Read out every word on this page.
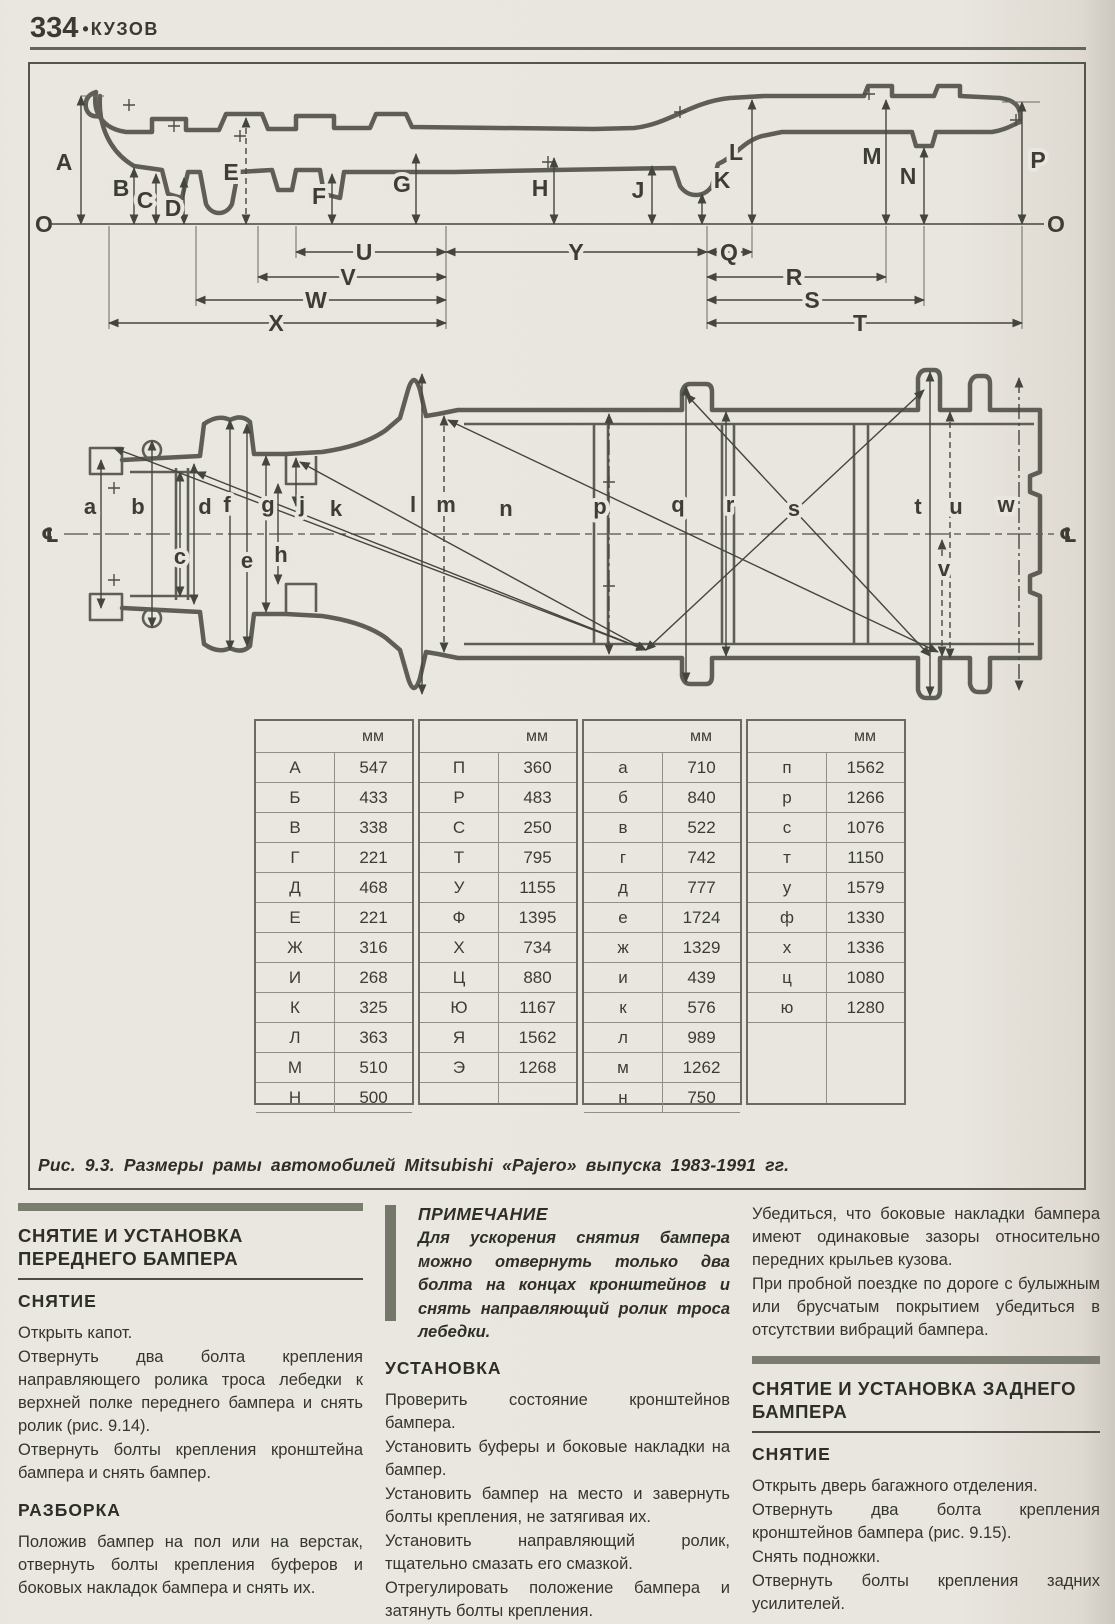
334 • КУЗОВ
O	O
A
B C D
E
F	G	H	J	K
L	M
N
P
U	Y	Q
V	R
W	S
X	T
℄	℄
a b
c
d
e
f g
h
j k	l m n	p	q r s	t u
v
w
мм
А	547
Б	433
В	338
Г	221
Д	468
Е	221
Ж	316
И	268
К	325
Л	363
М	510
Н	500
мм
П	360
Р	483
С	250
Т	795
У	1155
Ф	1395
Х	734
Ц	880
Ю	1167
Я	1562
Э	1268
мм
а	710
б	840
в	522
г	742
д	777
е	1724
ж	1329
и	439
к	576
л	989
м	1262
н	750
мм
п	1562
р	1266
с	1076
т	1150
у	1579
ф	1330
х	1336
ц	1080
ю	1280
Рис. 9.3. Размеры рамы автомобилей Mitsubishi «Pajero» выпуска 1983-1991 гг.
СНЯТИЕ И УСТАНОВКА ПЕРЕДНЕГО БАМПЕРА
СНЯТИЕ

Открыть капот.

Отвернуть два болта крепления направляющего ролика троса лебедки к верхней полке переднего бампера и снять ролик (рис. 9.14).

Отвернуть болты крепления кронштейна бампера и снять бампер.

РАЗБОРКА

Положив бампер на пол или на верстак, отвернуть болты крепления буферов и боковых накладок бампера и снять их.

ПРИМЕЧАНИЕ

Для ускорения снятия бампера можно отвернуть только два болта на концах кронштейнов и снять направляющий ролик троса лебедки.

УСТАНОВКА

Проверить состояние кронштейнов бампера.

Установить буферы и боковые накладки на бампер.

Установить бампер на место и завернуть болты крепления, не затягивая их.

Установить направляющий ролик, тщательно смазать его смазкой.

Отрегулировать положение бампера и затянуть болты крепления.

Убедиться, что боковые накладки бампера имеют одинаковые зазоры относительно передних крыльев кузова.

При пробной поездке по дороге с булыжным или брусчатым покрытием убедиться в отсутствии вибраций бампера.

СНЯТИЕ И УСТАНОВКА ЗАДНЕГО БАМПЕРА
СНЯТИЕ

Открыть дверь багажного отделения.

Отвернуть два болта крепления кронштейнов бампера (рис. 9.15).

Снять подножки.

Отвернуть болты крепления задних усилителей.
